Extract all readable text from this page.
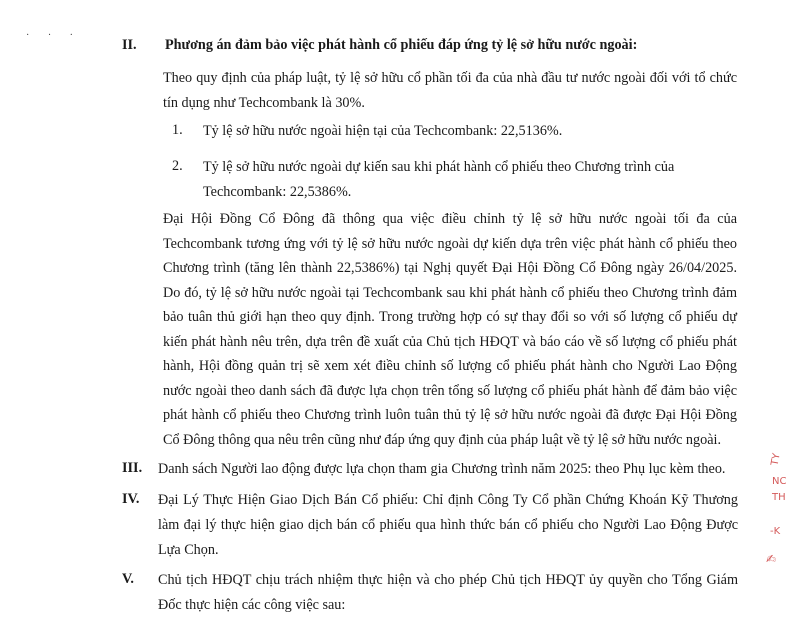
· · ·
II. Phương án đảm bảo việc phát hành cổ phiếu đáp ứng tỷ lệ sở hữu nước ngoài:
Theo quy định của pháp luật, tỷ lệ sở hữu cổ phần tối đa của nhà đầu tư nước ngoài đối với tổ chức tín dụng như Techcombank là 30%.
1. Tỷ lệ sở hữu nước ngoài hiện tại của Techcombank: 22,5136%.
2. Tỷ lệ sở hữu nước ngoài dự kiến sau khi phát hành cổ phiếu theo Chương trình của Techcombank: 22,5386%.
Đại Hội Đồng Cổ Đông đã thông qua việc điều chỉnh tỷ lệ sở hữu nước ngoài tối đa của Techcombank tương ứng với tỷ lệ sở hữu nước ngoài dự kiến dựa trên việc phát hành cổ phiếu theo Chương trình (tăng lên thành 22,5386%) tại Nghị quyết Đại Hội Đồng Cổ Đông ngày 26/04/2025. Do đó, tỷ lệ sở hữu nước ngoài tại Techcombank sau khi phát hành cổ phiếu theo Chương trình đảm bảo tuân thủ giới hạn theo quy định. Trong trường hợp có sự thay đổi so với số lượng cổ phiếu dự kiến phát hành nêu trên, dựa trên đề xuất của Chủ tịch HĐQT và báo cáo về số lượng cổ phiếu phát hành, Hội đồng quản trị sẽ xem xét điều chỉnh số lượng cổ phiếu phát hành cho Người Lao Động nước ngoài theo danh sách đã được lựa chọn trên tổng số lượng cổ phiếu phát hành để đảm bảo việc phát hành cổ phiếu theo Chương trình luôn tuân thủ tỷ lệ sở hữu nước ngoài đã được Đại Hội Đồng Cổ Đông thông qua nêu trên cũng như đáp ứng quy định của pháp luật về tỷ lệ sở hữu nước ngoài.
III. Danh sách Người lao động được lựa chọn tham gia Chương trình năm 2025: theo Phụ lục kèm theo.
IV. Đại Lý Thực Hiện Giao Dịch Bán Cổ phiếu: Chỉ định Công Ty Cổ phần Chứng Khoán Kỹ Thương làm đại lý thực hiện giao dịch bán cổ phiếu qua hình thức bán cổ phiếu cho Người Lao Động Được Lựa Chọn.
V. Chủ tịch HĐQT chịu trách nhiệm thực hiện và cho phép Chủ tịch HĐQT ủy quyền cho Tổng Giám Đốc thực hiện các công việc sau:
TY
NC
TH
-K
✍
